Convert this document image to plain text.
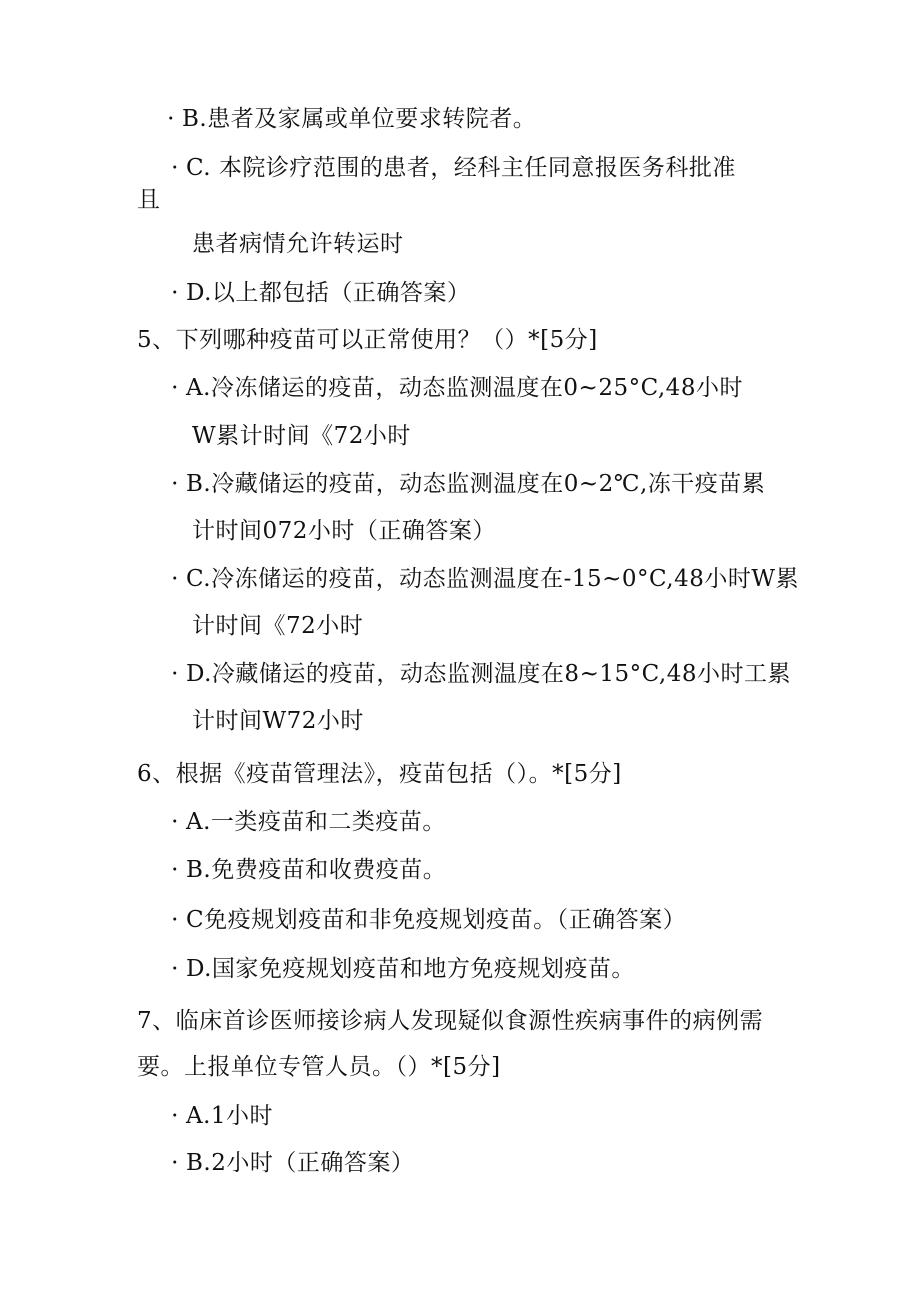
· B.患者及家属或单位要求转院者。
· C. 本院诊疗范围的患者，经科主任同意报医务科批准
且
患者病情允许转运时
· D.以上都包括（正确答案）
5、下列哪种疫苗可以正常使用？（）*[5分]
· A.冷冻储运的疫苗，动态监测温度在0~25°C,48小时
W累计时间《72小时
· B.冷藏储运的疫苗，动态监测温度在0~2℃,冻干疫苗累
计时间072小时（正确答案）
· C.冷冻储运的疫苗，动态监测温度在-15~0°C,48小时W累
计时间《72小时
· D.冷藏储运的疫苗，动态监测温度在8~15°C,48小时工累
计时间W72小时
6、根据《疫苗管理法》，疫苗包括（）。*[5分]
· A.一类疫苗和二类疫苗。
· B.免费疫苗和收费疫苗。
· C免疫规划疫苗和非免疫规划疫苗。（正确答案）
· D.国家免疫规划疫苗和地方免疫规划疫苗。
7、临床首诊医师接诊病人发现疑似食源性疾病事件的病例需
要。上报单位专管人员。（）*[5分]
· A.1小时
· B.2小时（正确答案）
